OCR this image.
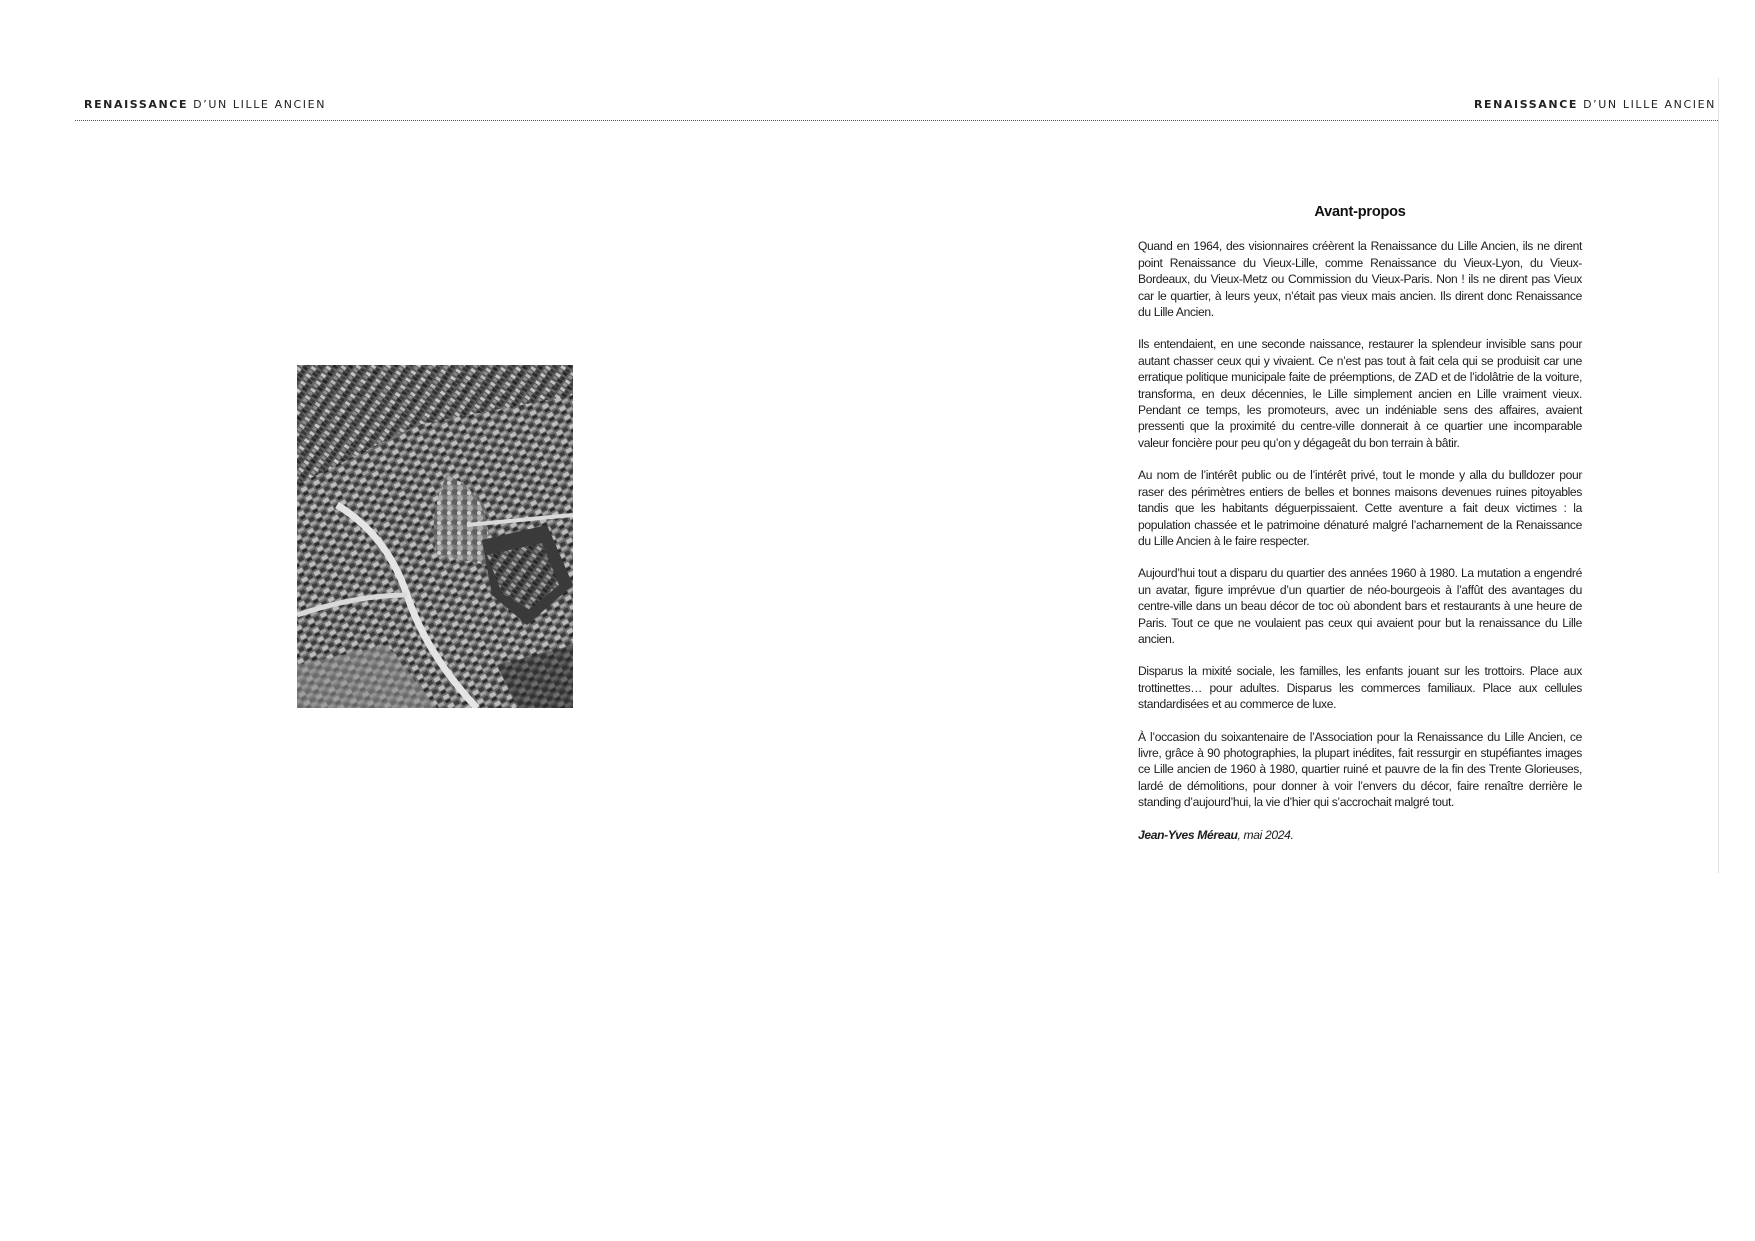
RENAISSANCE D’UN LILLE ANCIEN	RENAISSANCE D’UN LILLE ANCIEN
Avant-propos

Quand en 1964, des visionnaires créèrent la Renaissance du Lille Ancien, ils ne dirent point Renaissance du Vieux-Lille, comme Renaissance du Vieux-Lyon, du Vieux-Bordeaux, du Vieux-Metz ou Commission du Vieux-Paris. Non ! ils ne dirent pas Vieux car le quartier, à leurs yeux, n’était pas vieux mais ancien. Ils dirent donc Renaissance du Lille Ancien.

Ils entendaient, en une seconde naissance, restaurer la splendeur invisible sans pour autant chasser ceux qui y vivaient. Ce n’est pas tout à fait cela qui se produisit car une erratique politique municipale faite de préemptions, de ZAD et de l’idolâtrie de la voiture, transforma, en deux décennies, le Lille simplement ancien en Lille vraiment vieux. Pendant ce temps, les promoteurs, avec un indéniable sens des affaires, avaient pressenti que la proximité du centre-ville donnerait à ce quartier une incomparable valeur foncière pour peu qu’on y dégageât du bon terrain à bâtir.

Au nom de l’intérêt public ou de l’intérêt privé, tout le monde y alla du bulldozer pour raser des périmètres entiers de belles et bonnes maisons devenues ruines pitoyables tandis que les habitants déguerpissaient. Cette aventure a fait deux victimes : la population chassée et le patrimoine dénaturé malgré l’acharnement de la Renaissance du Lille Ancien à le faire respecter.

Aujourd’hui tout a disparu du quartier des années 1960 à 1980. La mutation a engendré un avatar, figure imprévue d’un quartier de néo-bourgeois à l’affût des avantages du centre-ville dans un beau décor de toc où abondent bars et restaurants à une heure de Paris. Tout ce que ne voulaient pas ceux qui avaient pour but la renaissance du Lille ancien.

Disparus la mixité sociale, les familles, les enfants jouant sur les trottoirs. Place aux trottinettes… pour adultes. Disparus les commerces familiaux. Place aux cellules standardisées et au commerce de luxe.

À l’occasion du soixantenaire de l’Association pour la Renaissance du Lille Ancien, ce livre, grâce à 90 photographies, la plupart inédites, fait ressurgir en stupéfiantes images ce Lille ancien de 1960 à 1980, quartier ruiné et pauvre de la fin des Trente Glorieuses, lardé de démolitions, pour donner à voir l’envers du décor, faire renaître derrière le standing d’aujourd’hui, la vie d’hier qui s’accrochait malgré tout.

Jean-Yves Méreau, mai 2024.
